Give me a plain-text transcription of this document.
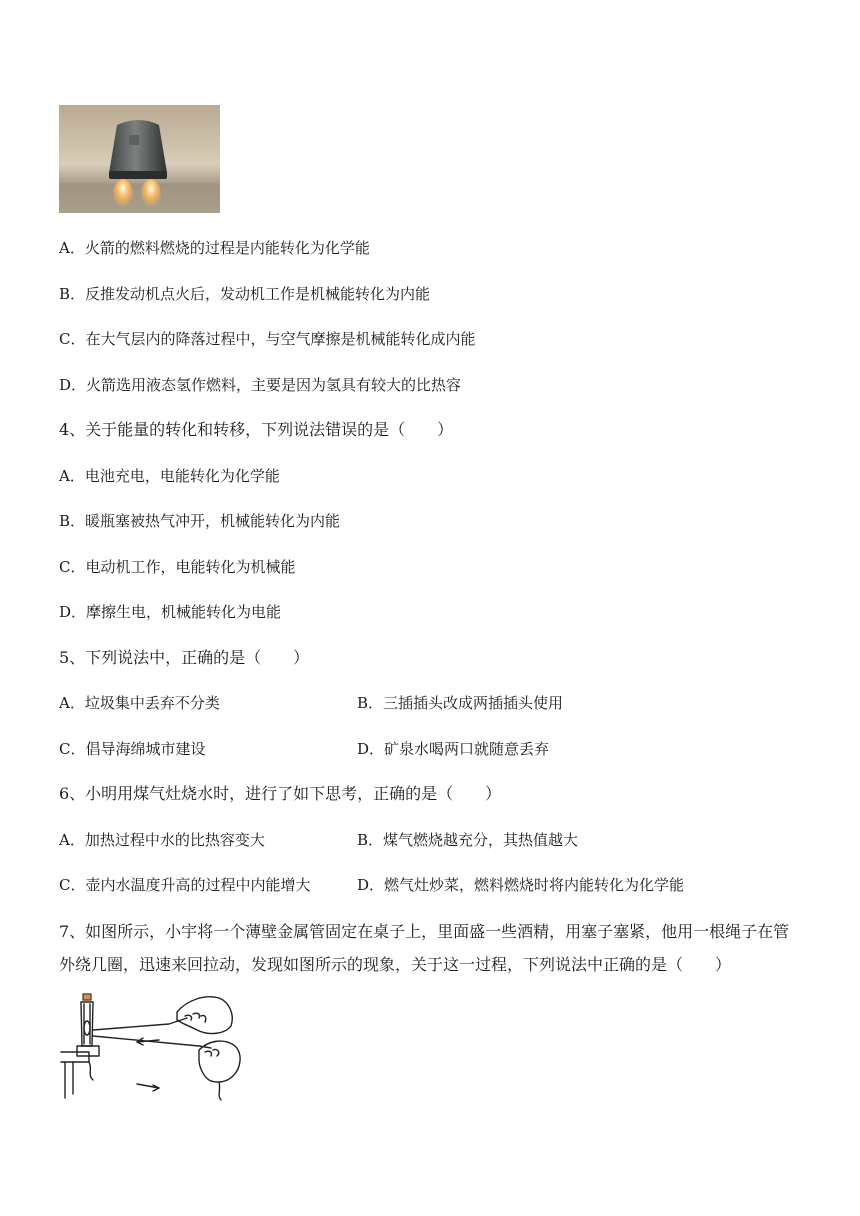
A．火箭的燃料燃烧的过程是内能转化为化学能
B．反推发动机点火后，发动机工作是机械能转化为内能
C．在大气层内的降落过程中，与空气摩擦是机械能转化成内能
D．火箭选用液态氢作燃料，主要是因为氢具有较大的比热容
4、关于能量的转化和转移，下列说法错误的是（　　）
A．电池充电，电能转化为化学能
B．暖瓶塞被热气冲开，机械能转化为内能
C．电动机工作，电能转化为机械能
D．摩擦生电，机械能转化为电能
5、下列说法中，正确的是（　　）
A．垃圾集中丢弃不分类	B．三插插头改成两插插头使用
C．倡导海绵城市建设	D．矿泉水喝两口就随意丢弃
6、小明用煤气灶烧水时，进行了如下思考，正确的是（　　）
A．加热过程中水的比热容变大	B．煤气燃烧越充分，其热值越大
C．壶内水温度升高的过程中内能增大	D．燃气灶炒菜，燃料燃烧时将内能转化为化学能
7、如图所示，小宇将一个薄壁金属管固定在桌子上，里面盛一些酒精，用塞子塞紧，他用一根绳子在管外绕几圈，迅速来回拉动，发现如图所示的现象，关于这一过程，下列说法中正确的是（　　）
